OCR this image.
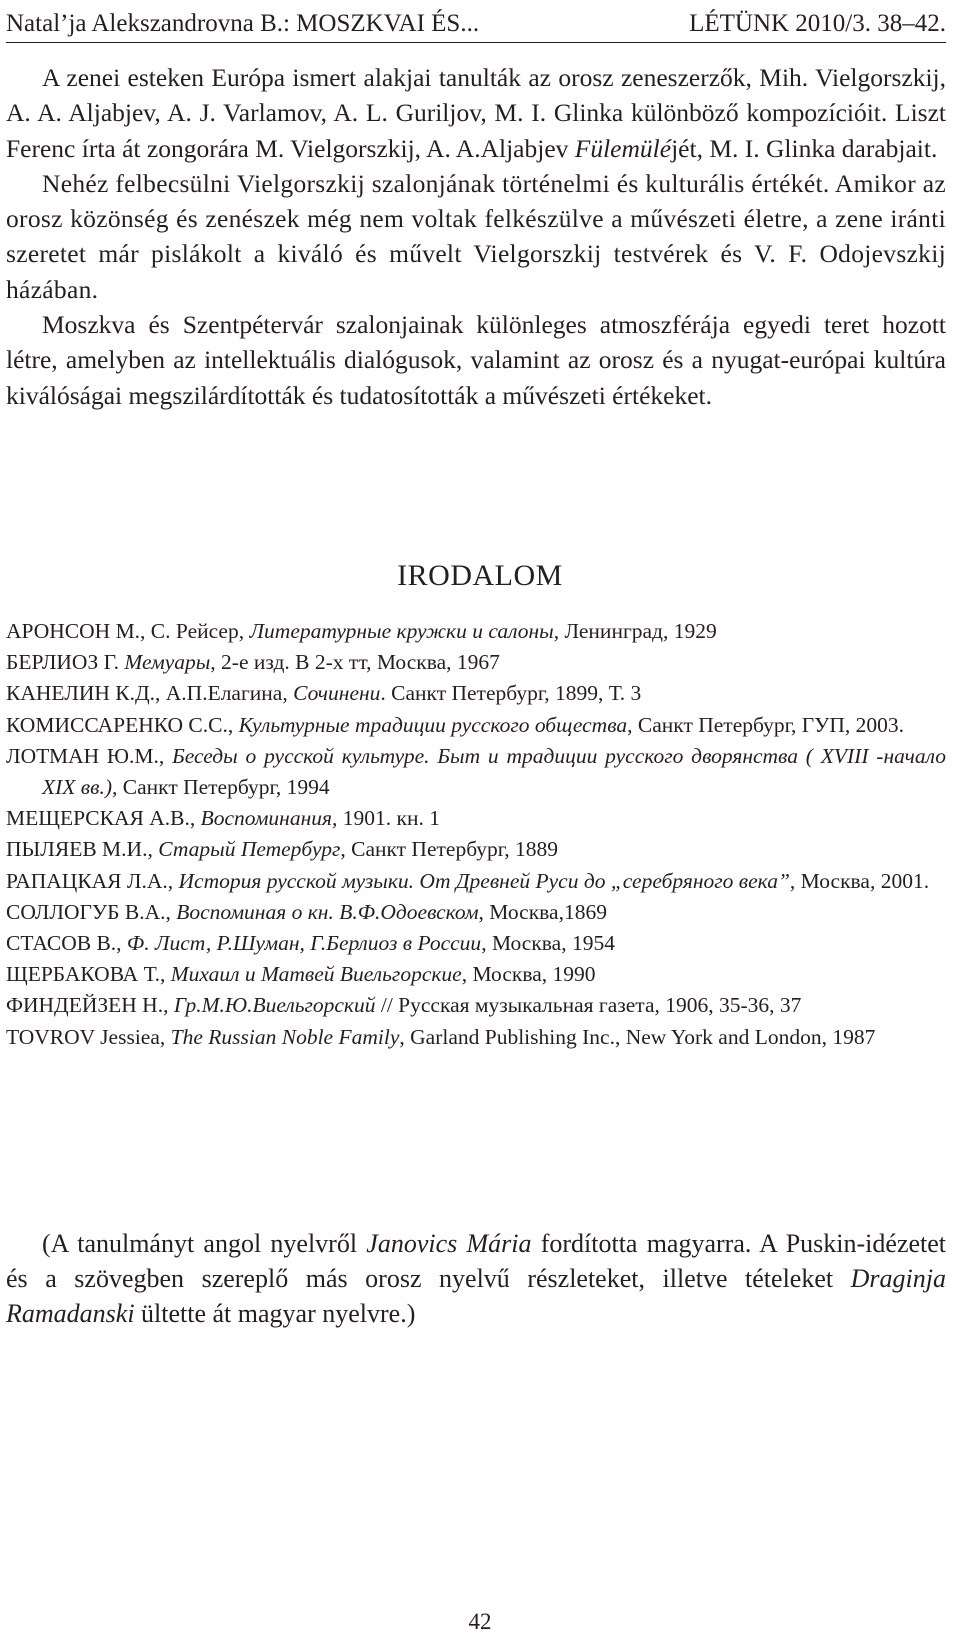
Natal’ja Alekszandrovna B.: MOSZKVAI ÉS...	LÉTÜNK 2010/3. 38–42.

A zenei esteken Európa ismert alakjai tanulták az orosz zeneszerzők, Mih. Vielgorszkij, A. A. Aljabjev, A. J. Varlamov, A. L. Guriljov, M. I. Glinka különböző kompozícióit. Liszt Ferenc írta át zongorára M. Vielgorszkij, A. A.Aljabjev Fülemüléjét, M. I. Glinka darabjait.

Nehéz felbecsülni Vielgorszkij szalonjának történelmi és kulturális értékét. Amikor az orosz közönség és zenészek még nem voltak felkészülve a művészeti életre, a zene iránti szeretet már pislákolt a kiváló és művelt Vielgorszkij testvérek és V. F. Odojevszkij házában.

Moszkva és Szentpétervár szalonjainak különleges atmoszférája egyedi teret hozott létre, amelyben az intellektuális dialógusok, valamint az orosz és a nyugat-európai kultúra kiválóságai megszilárdították és tudatosították a művészeti értékeket.

IRODALOM
АРОНСОН М., С. Рейсер, Литературные кружки и салоны, Ленинград, 1929
БЕРЛИОЗ Г. Мемуары, 2-е изд. В 2-х тт, Москва, 1967
КАНЕЛИН К.Д., А.П.Елагина, Сочинени. Санкт Петербург, 1899, Т. 3
КОМИССАРЕНКО С.С., Культурные традиции русского общества, Санкт Петербург, ГУП, 2003.
ЛОТМАН Ю.М., Беседы о русской культуре. Быт и традиции русского дворянства ( XVIII -начало XIX вв.), Санкт Петербург, 1994
МЕЩЕРСКАЯ А.В., Воспоминания, 1901. кн. 1
ПЫЛЯЕВ М.И., Старый Петербург, Санкт Петербург, 1889
РАПАЦКАЯ Л.А., История русской музыки. От Древней Руси до „серебряного века”, Москва, 2001.
СОЛЛОГУБ В.А., Воспоминая о кн. В.Ф.Одоевском, Москва,1869
СТАСОВ В., Ф. Лист, Р.Шуман, Г.Берлиоз в России, Москва, 1954
ЩЕРБАКОВА Т., Михаил и Матвей Виельгорские, Москва, 1990
ФИНДЕЙЗЕН Н., Гр.М.Ю.Виельгорский // Русская музыкальная газета, 1906, 35-36, 37
TOVROV Jessiea, The Russian Noble Family, Garland Publishing Inc., New York and London, 1987

(A tanulmányt angol nyelvről Janovics Mária fordította magyarra. A Puskin-idézetet és a szövegben szereplő más orosz nyelvű részleteket, illetve tételeket Draginja Ramadanski ültette át magyar nyelvre.)

42
